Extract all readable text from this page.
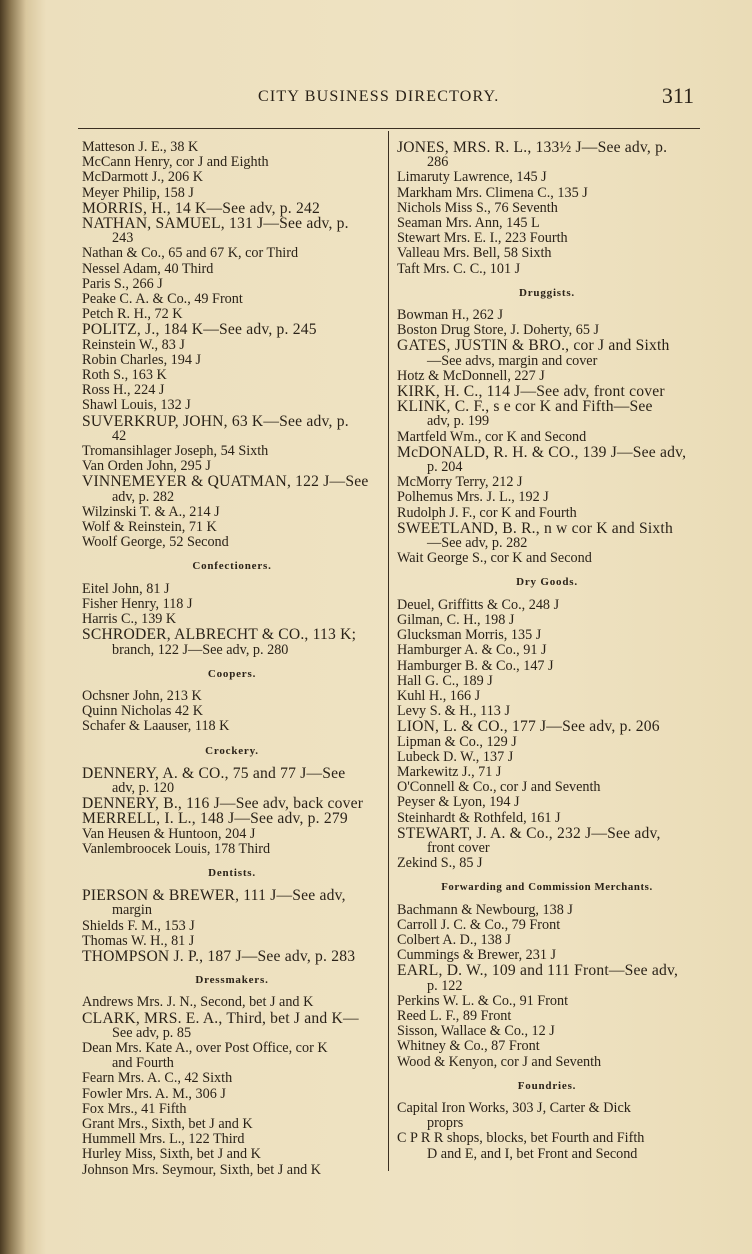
CITY BUSINESS DIRECTORY.	311
Matteson J. E., 38 K
McCann Henry, cor J and Eighth
McDarmott J., 206 K
Meyer Philip, 158 J
MORRIS, H., 14 K—See adv, p. 242
NATHAN, SAMUEL, 131 J—See adv, p.
243
Nathan & Co., 65 and 67 K, cor Third
Nessel Adam, 40 Third
Paris S., 266 J
Peake C. A. & Co., 49 Front
Petch R. H., 72 K
POLITZ, J., 184 K—See adv, p. 245
Reinstein W., 83 J
Robin Charles, 194 J
Roth S., 163 K
Ross H., 224 J
Shawl Louis, 132 J
SUVERKRUP, JOHN, 63 K—See adv, p.
42
Tromansihlager Joseph, 54 Sixth
Van Orden John, 295 J
VINNEMEYER & QUATMAN, 122 J—See
adv, p. 282
Wilzinski T. & A., 214 J
Wolf & Reinstein, 71 K
Woolf George, 52 Second
Confectioners.
Eitel John, 81 J
Fisher Henry, 118 J
Harris C., 139 K
SCHRODER, ALBRECHT & CO., 113 K;
branch, 122 J—See adv, p. 280
Coopers.
Ochsner John, 213 K
Quinn Nicholas 42 K
Schafer & Laauser, 118 K
Crockery.
DENNERY, A. & CO., 75 and 77 J—See
adv, p. 120
DENNERY, B., 116 J—See adv, back cover
MERRELL, I. L., 148 J—See adv, p. 279
Van Heusen & Huntoon, 204 J
Vanlembroocek Louis, 178 Third
Dentists.
PIERSON & BREWER, 111 J—See adv,
margin
Shields F. M., 153 J
Thomas W. H., 81 J
THOMPSON J. P., 187 J—See adv, p. 283
Dressmakers.
Andrews Mrs. J. N., Second, bet J and K
CLARK, MRS. E. A., Third, bet J and K—
See adv, p. 85
Dean Mrs. Kate A., over Post Office, cor K
and Fourth
Fearn Mrs. A. C., 42 Sixth
Fowler Mrs. A. M., 306 J
Fox Mrs., 41 Fifth
Grant Mrs., Sixth, bet J and K
Hummell Mrs. L., 122 Third
Hurley Miss, Sixth, bet J and K
Johnson Mrs. Seymour, Sixth, bet J and K
JONES, MRS. R. L., 133½ J—See adv, p.
286
Limaruty Lawrence, 145 J
Markham Mrs. Climena C., 135 J
Nichols Miss S., 76 Seventh
Seaman Mrs. Ann, 145 L
Stewart Mrs. E. I., 223 Fourth
Valleau Mrs. Bell, 58 Sixth
Taft Mrs. C. C., 101 J
Druggists.
Bowman H., 262 J
Boston Drug Store, J. Doherty, 65 J
GATES, JUSTIN & BRO., cor J and Sixth
—See advs, margin and cover
Hotz & McDonnell, 227 J
KIRK, H. C., 114 J—See adv, front cover
KLINK, C. F., s e cor K and Fifth—See
adv, p. 199
Martfeld Wm., cor K and Second
McDONALD, R. H. & CO., 139 J—See adv,
p. 204
McMorry Terry, 212 J
Polhemus Mrs. J. L., 192 J
Rudolph J. F., cor K and Fourth
SWEETLAND, B. R., n w cor K and Sixth
—See adv, p. 282
Wait George S., cor K and Second
Dry Goods.
Deuel, Griffitts & Co., 248 J
Gilman, C. H., 198 J
Glucksman Morris, 135 J
Hamburger A. & Co., 91 J
Hamburger B. & Co., 147 J
Hall G. C., 189 J
Kuhl H., 166 J
Levy S. & H., 113 J
LION, L. & CO., 177 J—See adv, p. 206
Lipman & Co., 129 J
Lubeck D. W., 137 J
Markewitz J., 71 J
O'Connell & Co., cor J and Seventh
Peyser & Lyon, 194 J
Steinhardt & Rothfeld, 161 J
STEWART, J. A. & Co., 232 J—See adv,
front cover
Zekind S., 85 J
Forwarding and Commission Merchants.
Bachmann & Newbourg, 138 J
Carroll J. C. & Co., 79 Front
Colbert A. D., 138 J
Cummings & Brewer, 231 J
EARL, D. W., 109 and 111 Front—See adv,
p. 122
Perkins W. L. & Co., 91 Front
Reed L. F., 89 Front
Sisson, Wallace & Co., 12 J
Whitney & Co., 87 Front
Wood & Kenyon, cor J and Seventh
Foundries.
Capital Iron Works, 303 J, Carter & Dick
proprs
C P R R shops, blocks, bet Fourth and Fifth
D and E, and I, bet Front and Second
